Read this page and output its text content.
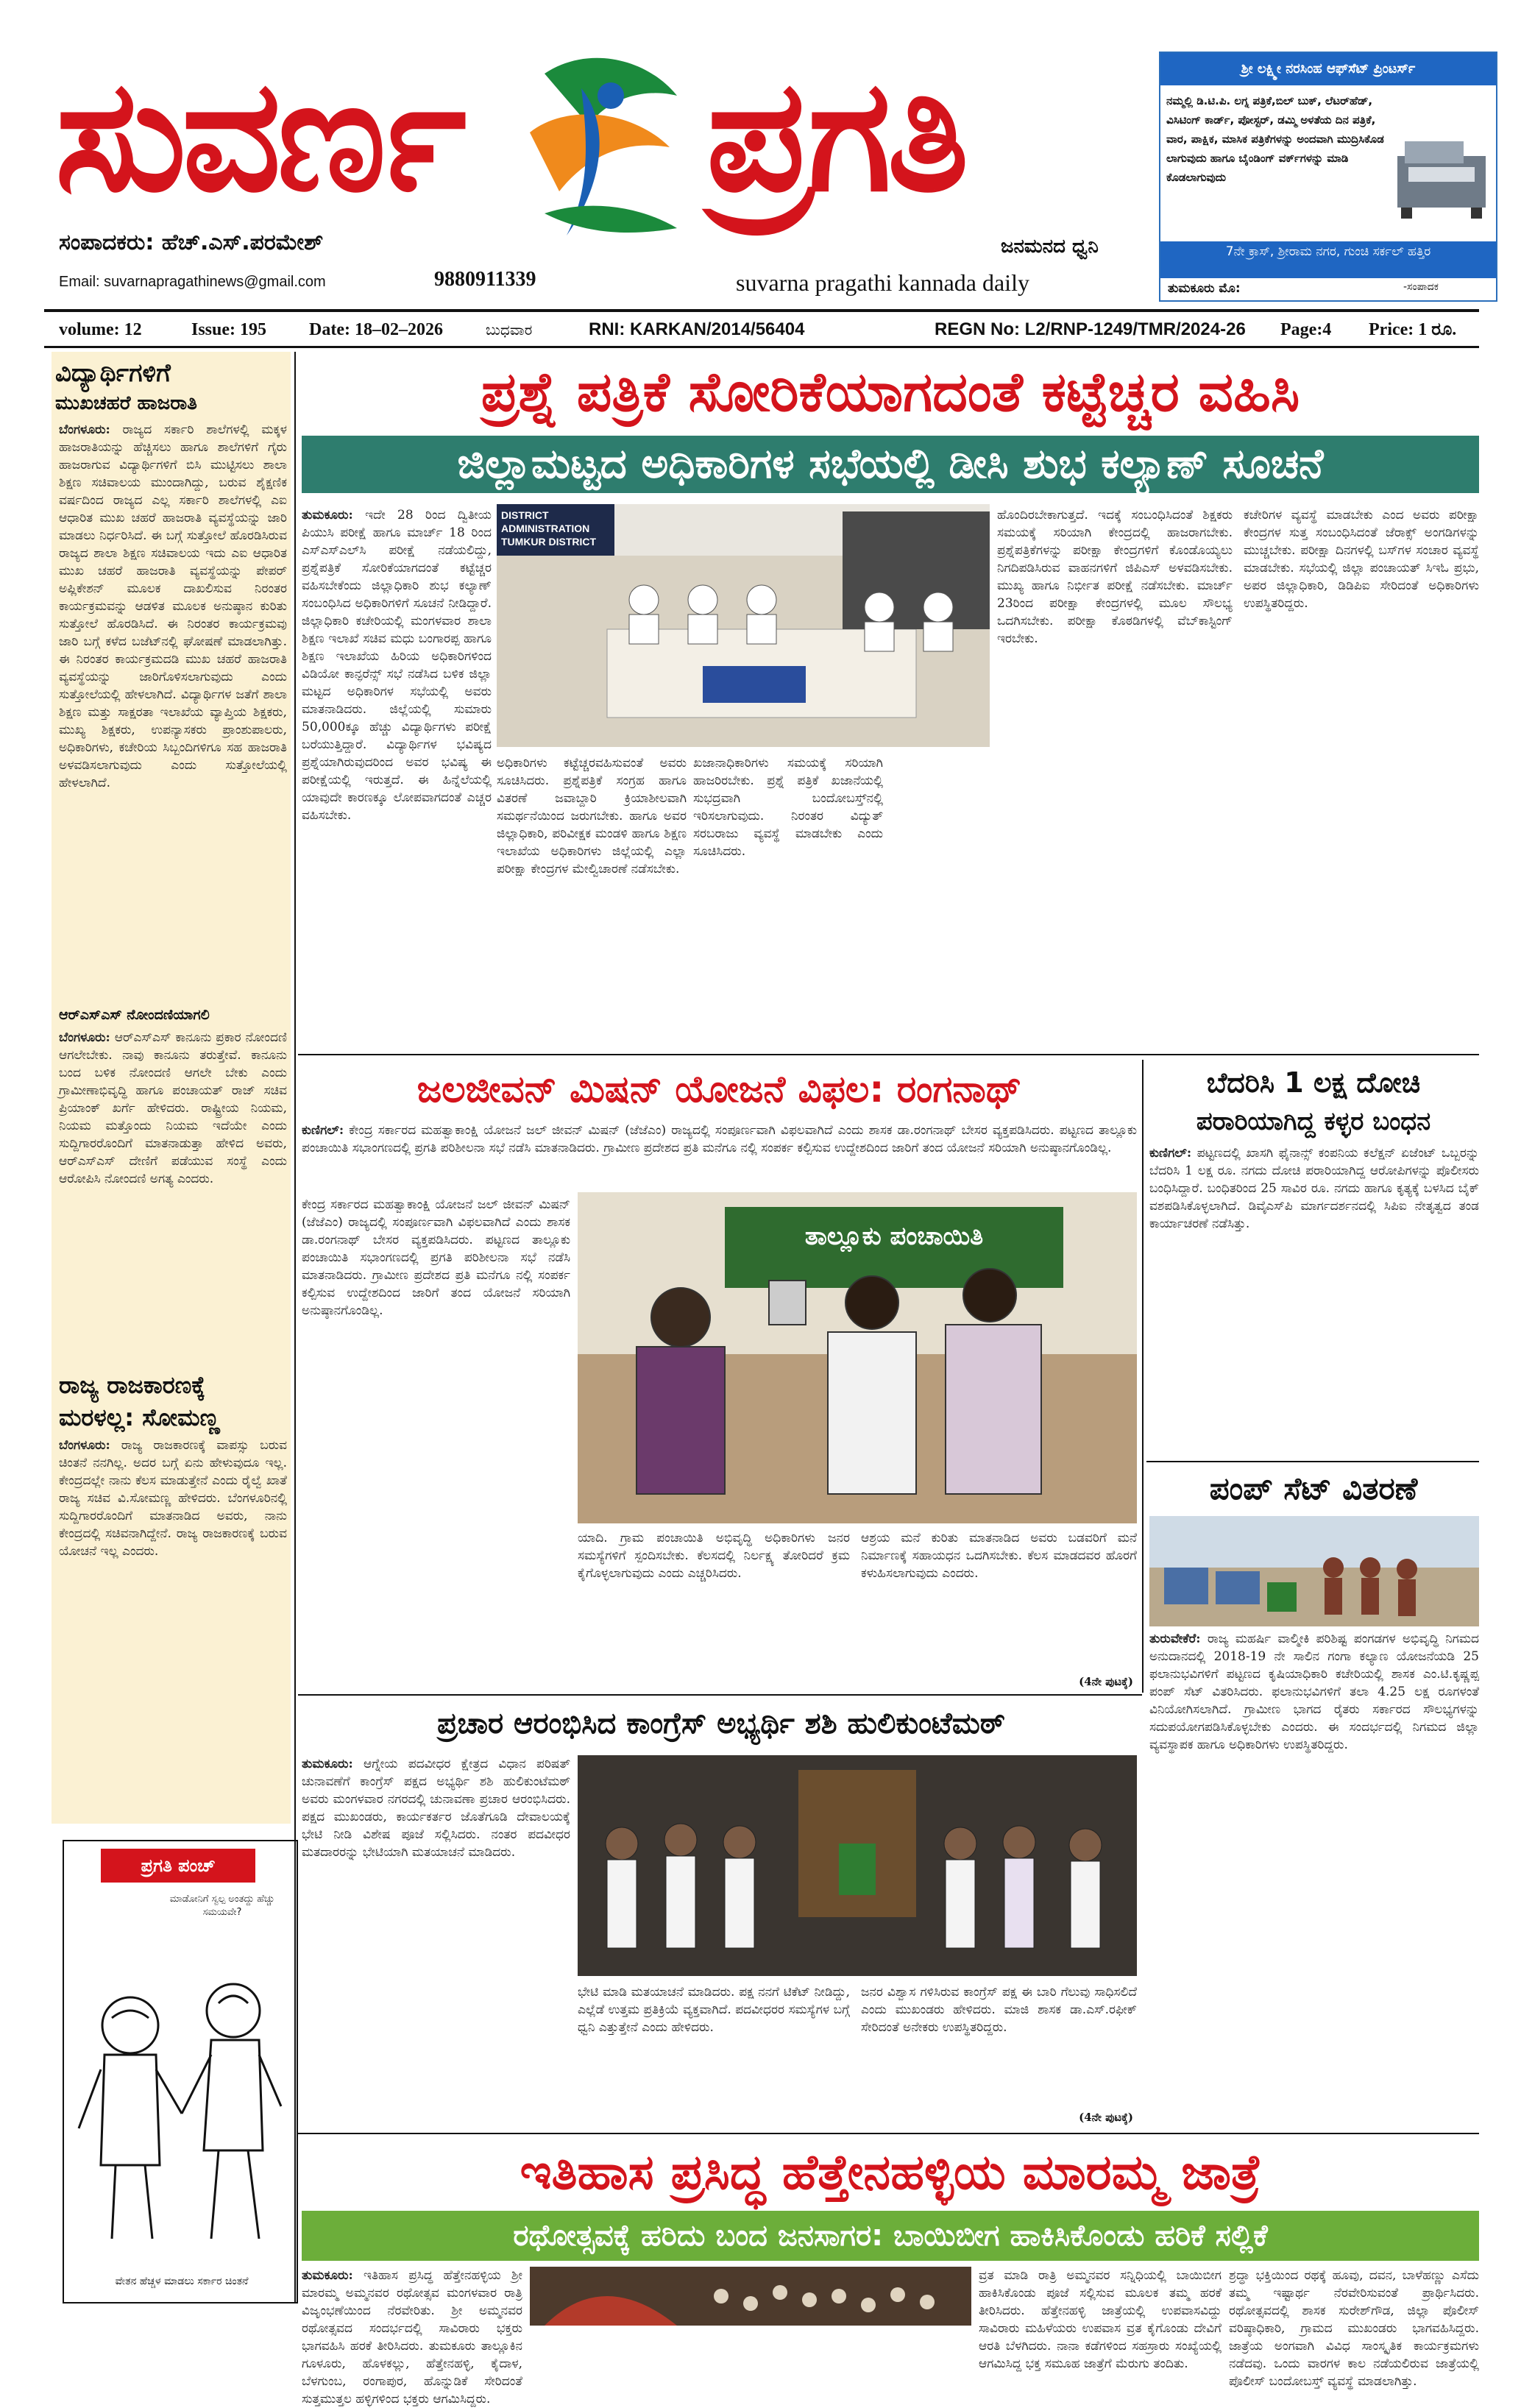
ಸುವರ್ಣ ಪ್ರಗತಿ
ಸಂಪಾದಕರು: ಹೆಚ್.ಎಸ್.ಪರಮೇಶ್
Email: suvarnapragathinews@gmail.com	9880911339
ಜನಮನದ ಧ್ವನಿ
suvarna pragathi kannada daily
ಶ್ರೀ ಲಕ್ಷ್ಮೀ ನರಸಿಂಹ ಆಫ್‌ಸೆಟ್ ಪ್ರಿಂಟರ್ಸ್
ನಮ್ಮಲ್ಲಿ ಡಿ.ಟಿ.ಪಿ. ಲಗ್ನ ಪತ್ರಿಕೆ,ಬಿಲ್ ಬುಕ್, ಲೆಟರ್‌ಹೆಡ್, ವಿಸಿಟಿಂಗ್ ಕಾರ್ಡ್, ಪೋಸ್ಟರ್, ಡಮ್ಮಿ ಅಳತೆಯ ದಿನ ಪತ್ರಿಕೆ, ವಾರ, ಪಾಕ್ಷಿಕ, ಮಾಸಿಕ ಪತ್ರಿಕೆಗಳನ್ನು ಅಂದವಾಗಿ ಮುದ್ರಿಸಿಕೊಡ ಲಾಗುವುದು ಹಾಗೂ ಬೈಂಡಿಂಗ್ ವರ್ಕ್‌ಗಳನ್ನು ಮಾಡಿ ಕೊಡಲಾಗುವುದು
7ನೇ ಕ್ರಾಸ್, ಶ್ರೀರಾಮ ನಗರ, ಗುಂಚಿ ಸರ್ಕಲ್ ಹತ್ತಿರ
ತುಮಕೂರು ಮೊ:	-ಸಂಪಾದಕ
volume: 12	Issue: 195 Date: 18–02–2026	ಬುಧವಾರ	RNI: KARKAN/2014/56404	REGN No: L2/RNP-1249/TMR/2024-26 Page:4 Price: 1 ರೂ.
ವಿದ್ಯಾರ್ಥಿಗಳಿಗೆ
ಮುಖಚಹರೆ ಹಾಜರಾತಿ
ಬೆಂಗಳೂರು: ರಾಜ್ಯದ ಸರ್ಕಾರಿ ಶಾಲೆಗಳಲ್ಲಿ ಮಕ್ಕಳ ಹಾಜರಾತಿಯನ್ನು ಹೆಚ್ಚಿಸಲು ಹಾಗೂ ಶಾಲೆಗಳಿಗೆ ಗೈರು ಹಾಜರಾಗುವ ವಿದ್ಯಾರ್ಥಿಗಳಿಗೆ ಬಿಸಿ ಮುಟ್ಟಿಸಲು ಶಾಲಾ ಶಿಕ್ಷಣ ಸಚಿವಾಲಯ ಮುಂದಾಗಿದ್ದು, ಬರುವ ಶೈಕ್ಷಣಿಕ ವರ್ಷದಿಂದ ರಾಜ್ಯದ ಎಲ್ಲ ಸರ್ಕಾರಿ ಶಾಲೆಗಳಲ್ಲಿ ಎಐ ಆಧಾರಿತ ಮುಖ ಚಹರೆ ಹಾಜರಾತಿ ವ್ಯವಸ್ಥೆಯನ್ನು ಜಾರಿ ಮಾಡಲು ನಿರ್ಧರಿಸಿದೆ. ಈ ಬಗ್ಗೆ ಸುತ್ತೋಲೆ ಹೊರಡಿಸಿರುವ ರಾಜ್ಯದ ಶಾಲಾ ಶಿಕ್ಷಣ ಸಚಿವಾಲಯ ಇದು ಎಐ ಆಧಾರಿತ ಮುಖ ಚಹರೆ ಹಾಜರಾತಿ ವ್ಯವಸ್ಥೆಯನ್ನು ಪೇಪರ್ ಅಪ್ಲಿಕೇಶನ್ ಮೂಲಕ ದಾಖಲಿಸುವ ನಿರಂತರ ಕಾರ್ಯಕ್ರಮವನ್ನು ಆಡಳಿತ ಮೂಲಕ ಅನುಷ್ಠಾನ ಕುರಿತು ಸುತ್ತೋಲೆ ಹೊರಡಿಸಿದೆ. ಈ ನಿರಂತರ ಕಾರ್ಯಕ್ರಮವು ಜಾರಿ ಬಗ್ಗೆ ಕಳೆದ ಬಜೆಟ್‌ನಲ್ಲಿ ಘೋಷಣೆ ಮಾಡಲಾಗಿತ್ತು. ಈ ನಿರಂತರ ಕಾರ್ಯಕ್ರಮದಡಿ ಮುಖ ಚಹರೆ ಹಾಜರಾತಿ ವ್ಯವಸ್ಥೆಯನ್ನು ಜಾರಿಗೊಳಿಸಲಾಗುವುದು ಎಂದು ಸುತ್ತೋಲೆಯಲ್ಲಿ ಹೇಳಲಾಗಿದೆ. ವಿದ್ಯಾರ್ಥಿಗಳ ಜತೆಗೆ ಶಾಲಾ ಶಿಕ್ಷಣ ಮತ್ತು ಸಾಕ್ಷರತಾ ಇಲಾಖೆಯ ವ್ಯಾಪ್ತಿಯ ಶಿಕ್ಷಕರು, ಮುಖ್ಯ ಶಿಕ್ಷಕರು, ಉಪನ್ಯಾಸಕರು ಪ್ರಾಂಶುಪಾಲರು, ಅಧಿಕಾರಿಗಳು, ಕಚೇರಿಯ ಸಿಬ್ಬಂದಿಗಳಿಗೂ ಸಹ ಹಾಜರಾತಿ ಅಳವಡಿಸಲಾಗುವುದು ಎಂದು ಸುತ್ತೋಲೆಯಲ್ಲಿ ಹೇಳಲಾಗಿದೆ.
ಆರ್‌ಎಸ್‌ಎಸ್ ನೋಂದಣಿಯಾಗಲಿ
ಬೆಂಗಳೂರು: ಆರ್‌ಎಸ್‌ಎಸ್ ಕಾನೂನು ಪ್ರಕಾರ ನೋಂದಣಿ ಆಗಲೇಬೇಕು. ನಾವು ಕಾನೂನು ತರುತ್ತೇವೆ. ಕಾನೂನು ಬಂದ ಬಳಿಕ ನೋಂದಣಿ ಆಗಲೇ ಬೇಕು ಎಂದು ಗ್ರಾಮೀಣಾಭಿವೃದ್ಧಿ ಹಾಗೂ ಪಂಚಾಯತ್ ರಾಜ್ ಸಚಿವ ಪ್ರಿಯಾಂಕ್ ಖರ್ಗೆ ಹೇಳಿದರು. ರಾಷ್ಟ್ರೀಯ ನಿಯಮ, ನಿಯಮ ಮತ್ತೊಂದು ನಿಯಮ ಇದೆಯೇ ಎಂದು ಸುದ್ದಿಗಾರರೊಂದಿಗೆ ಮಾತನಾಡುತ್ತಾ ಹೇಳಿದ ಅವರು, ಆರ್‌ಎಸ್‌ಎಸ್ ದೇಣಿಗೆ ಪಡೆಯುವ ಸಂಸ್ಥೆ ಎಂದು ಆರೋಪಿಸಿ ನೋಂದಣಿ ಅಗತ್ಯ ಎಂದರು.
ರಾಜ್ಯ ರಾಜಕಾರಣಕ್ಕೆ
ಮರಳಲ್ಲ: ಸೋಮಣ್ಣ
ಬೆಂಗಳೂರು: ರಾಜ್ಯ ರಾಜಕಾರಣಕ್ಕೆ ವಾಪಸ್ಸು ಬರುವ ಚಿಂತನೆ ನನಗಿಲ್ಲ. ಅದರ ಬಗ್ಗೆ ಏನು ಹೇಳುವುದೂ ಇಲ್ಲ. ಕೇಂದ್ರದಲ್ಲೇ ನಾನು ಕೆಲಸ ಮಾಡುತ್ತೇನೆ ಎಂದು ರೈಲ್ವೆ ಖಾತೆ ರಾಜ್ಯ ಸಚಿವ ವಿ.ಸೋಮಣ್ಣ ಹೇಳಿದರು. ಬೆಂಗಳೂರಿನಲ್ಲಿ ಸುದ್ದಿಗಾರರೊಂದಿಗೆ ಮಾತನಾಡಿದ ಅವರು, ನಾನು ಕೇಂದ್ರದಲ್ಲಿ ಸಚಿವನಾಗಿದ್ದೇನೆ. ರಾಜ್ಯ ರಾಜಕಾರಣಕ್ಕೆ ಬರುವ ಯೋಚನೆ ಇಲ್ಲ ಎಂದರು.
ಪ್ರಗತಿ ಪಂಚ್
ಮಾಡೋನಿಗೆ ಸ್ವಲ್ಪ ಅಂತದ್ದು ಹೆಚ್ಚು ಸಮಯವೇ?
ವೇತನ ಹೆಚ್ಚಳ ಮಾಡಲು ಸರ್ಕಾರ ಚಿಂತನೆ
ಪ್ರಶ್ನೆ ಪತ್ರಿಕೆ ಸೋರಿಕೆಯಾಗದಂತೆ ಕಟ್ಟೆಚ್ಚರ ವಹಿಸಿ
ಜಿಲ್ಲಾಮಟ್ಟದ ಅಧಿಕಾರಿಗಳ ಸಭೆಯಲ್ಲಿ ಡೀಸಿ ಶುಭ ಕಲ್ಯಾಣ್ ಸೂಚನೆ
DISTRICT ADMINISTRATION TUMKUR DISTRICT
ತುಮಕೂರು: ಇದೇ 28 ರಿಂದ ದ್ವಿತೀಯ ಪಿಯುಸಿ ಪರೀಕ್ಷೆ ಹಾಗೂ ಮಾರ್ಚ್ 18 ರಿಂದ ಎಸ್‌ಎಸ್‌ಎಲ್‌ಸಿ ಪರೀಕ್ಷೆ ನಡೆಯಲಿದ್ದು, ಪ್ರಶ್ನೆಪತ್ರಿಕೆ ಸೋರಿಕೆಯಾಗದಂತೆ ಕಟ್ಟೆಚ್ಚರ ವಹಿಸಬೇಕೆಂದು ಜಿಲ್ಲಾಧಿಕಾರಿ ಶುಭ ಕಲ್ಯಾಣ್ ಸಂಬಂಧಿಸಿದ ಅಧಿಕಾರಿಗಳಿಗೆ ಸೂಚನೆ ನೀಡಿದ್ದಾರೆ. ಜಿಲ್ಲಾಧಿಕಾರಿ ಕಚೇರಿಯಲ್ಲಿ ಮಂಗಳವಾರ ಶಾಲಾ ಶಿಕ್ಷಣ ಇಲಾಖೆ ಸಚಿವ ಮಧು ಬಂಗಾರಪ್ಪ ಹಾಗೂ ಶಿಕ್ಷಣ ಇಲಾಖೆಯ ಹಿರಿಯ ಅಧಿಕಾರಿಗಳಿಂದ ವಿಡಿಯೋ ಕಾನ್ಫರೆನ್ಸ್ ಸಭೆ ನಡೆಸಿದ ಬಳಿಕ ಜಿಲ್ಲಾ ಮಟ್ಟದ ಅಧಿಕಾರಿಗಳ ಸಭೆಯಲ್ಲಿ ಅವರು ಮಾತನಾಡಿದರು. ಜಿಲ್ಲೆಯಲ್ಲಿ ಸುಮಾರು 50,000ಕ್ಕೂ ಹೆಚ್ಚು ವಿದ್ಯಾರ್ಥಿಗಳು ಪರೀಕ್ಷೆ ಬರೆಯುತ್ತಿದ್ದಾರೆ. ವಿದ್ಯಾರ್ಥಿಗಳ ಭವಿಷ್ಯದ ಪ್ರಶ್ನೆಯಾಗಿರುವುದರಿಂದ ಅವರ ಭವಿಷ್ಯ ಈ ಪರೀಕ್ಷೆಯಲ್ಲಿ ಇರುತ್ತದೆ. ಈ ಹಿನ್ನೆಲೆಯಲ್ಲಿ ಯಾವುದೇ ಕಾರಣಕ್ಕೂ ಲೋಪವಾಗದಂತೆ ಎಚ್ಚರ ವಹಿಸಬೇಕು.
ಅಧಿಕಾರಿಗಳು ಕಟ್ಟೆಚ್ಚರವಹಿಸುವಂತೆ ಅವರು ಸೂಚಿಸಿದರು. ಪ್ರಶ್ನೆಪತ್ರಿಕೆ ಸಂಗ್ರಹ ಹಾಗೂ ವಿತರಣೆ ಜವಾಬ್ದಾರಿ ಕ್ರಿಯಾಶೀಲವಾಗಿ ಸಮರ್ಥನೆಯಿಂದ ಜರುಗಬೇಕು. ಹಾಗೂ ಅವರ ಜಿಲ್ಲಾಧಿಕಾರಿ, ಪರಿವೀಕ್ಷಕ ಮಂಡಳಿ ಹಾಗೂ ಶಿಕ್ಷಣ ಇಲಾಖೆಯ ಅಧಿಕಾರಿಗಳು ಜಿಲ್ಲೆಯಲ್ಲಿ ಎಲ್ಲಾ ಪರೀಕ್ಷಾ ಕೇಂದ್ರಗಳ ಮೇಲ್ವಿಚಾರಣೆ ನಡೆಸಬೇಕು.
ಖಜಾನಾಧಿಕಾರಿಗಳು ಸಮಯಕ್ಕೆ ಸರಿಯಾಗಿ ಹಾಜರಿರಬೇಕು. ಪ್ರಶ್ನೆ ಪತ್ರಿಕೆ ಖಜಾನೆಯಲ್ಲಿ ಸುಭದ್ರವಾಗಿ ಬಂದೋಬಸ್ತ್‌ನಲ್ಲಿ ಇರಿಸಲಾಗುವುದು. ನಿರಂತರ ವಿದ್ಯುತ್ ಸರಬರಾಜು ವ್ಯವಸ್ಥೆ ಮಾಡಬೇಕು ಎಂದು ಸೂಚಿಸಿದರು.
ಹೊಂದಿರಬೇಕಾಗುತ್ತದೆ. ಇದಕ್ಕೆ ಸಂಬಂಧಿಸಿದಂತೆ ಶಿಕ್ಷಕರು ಸಮಯಕ್ಕೆ ಸರಿಯಾಗಿ ಕೇಂದ್ರದಲ್ಲಿ ಹಾಜರಾಗಬೇಕು. ಪ್ರಶ್ನೆಪತ್ರಿಕೆಗಳನ್ನು ಪರೀಕ್ಷಾ ಕೇಂದ್ರಗಳಿಗೆ ಕೊಂಡೊಯ್ಯಲು ನಿಗದಿಪಡಿಸಿರುವ ವಾಹನಗಳಿಗೆ ಜಿಪಿಎಸ್ ಅಳವಡಿಸಬೇಕು. ಮುಖ್ಯ ಹಾಗೂ ನಿರ್ಭೀತ ಪರೀಕ್ಷೆ ನಡೆಸಬೇಕು. ಮಾರ್ಚ್ 23ರಿಂದ ಪರೀಕ್ಷಾ ಕೇಂದ್ರಗಳಲ್ಲಿ ಮೂಲ ಸೌಲಭ್ಯ ಒದಗಿಸಬೇಕು. ಪರೀಕ್ಷಾ ಕೊಠಡಿಗಳಲ್ಲಿ ವೆಬ್‌ಕಾಸ್ಟಿಂಗ್ ಇರಬೇಕು.
ಕಚೇರಿಗಳ ವ್ಯವಸ್ಥೆ ಮಾಡಬೇಕು ಎಂದ ಅವರು ಪರೀಕ್ಷಾ ಕೇಂದ್ರಗಳ ಸುತ್ತ ಸಂಬಂಧಿಸಿದಂತೆ ಜೆರಾಕ್ಸ್ ಅಂಗಡಿಗಳನ್ನು ಮುಚ್ಚಬೇಕು. ಪರೀಕ್ಷಾ ದಿನಗಳಲ್ಲಿ ಬಸ್‌ಗಳ ಸಂಚಾರ ವ್ಯವಸ್ಥೆ ಮಾಡಬೇಕು. ಸಭೆಯಲ್ಲಿ ಜಿಲ್ಲಾ ಪಂಚಾಯತ್ ಸಿಇಓ ಪ್ರಭು, ಅಪರ ಜಿಲ್ಲಾಧಿಕಾರಿ, ಡಿಡಿಪಿಐ ಸೇರಿದಂತೆ ಅಧಿಕಾರಿಗಳು ಉಪಸ್ಥಿತರಿದ್ದರು.
ಜಲಜೀವನ್ ಮಿಷನ್ ಯೋಜನೆ ವಿಫಲ: ರಂಗನಾಥ್
ಕುಣಿಗಲ್: ಕೇಂದ್ರ ಸರ್ಕಾರದ ಮಹತ್ವಾಕಾಂಕ್ಷಿ ಯೋಜನೆ ಜಲ್ ಜೀವನ್ ಮಿಷನ್ (ಜೆಜೆಎಂ) ರಾಜ್ಯದಲ್ಲಿ ಸಂಪೂರ್ಣವಾಗಿ ವಿಫಲವಾಗಿದೆ ಎಂದು ಶಾಸಕ ಡಾ.ರಂಗನಾಥ್ ಬೇಸರ ವ್ಯಕ್ತಪಡಿಸಿದರು. ಪಟ್ಟಣದ ತಾಲ್ಲೂಕು ಪಂಚಾಯಿತಿ ಸಭಾಂಗಣದಲ್ಲಿ ಪ್ರಗತಿ ಪರಿಶೀಲನಾ ಸಭೆ ನಡೆಸಿ ಮಾತನಾಡಿದರು. ಗ್ರಾಮೀಣ ಪ್ರದೇಶದ ಪ್ರತಿ ಮನೆಗೂ ನಲ್ಲಿ ಸಂಪರ್ಕ ಕಲ್ಪಿಸುವ ಉದ್ದೇಶದಿಂದ ಜಾರಿಗೆ ತಂದ ಯೋಜನೆ ಸರಿಯಾಗಿ ಅನುಷ್ಠಾನಗೊಂಡಿಲ್ಲ.
ತಾಲ್ಲೂಕು ಪಂಚಾಯಿತಿ
ಕೇಂದ್ರ ಸರ್ಕಾರದ ಮಹತ್ವಾಕಾಂಕ್ಷಿ ಯೋಜನೆ ಜಲ್ ಜೀವನ್ ಮಿಷನ್ (ಜೆಜೆಎಂ) ರಾಜ್ಯದಲ್ಲಿ ಸಂಪೂರ್ಣವಾಗಿ ವಿಫಲವಾಗಿದೆ ಎಂದು ಶಾಸಕ ಡಾ.ರಂಗನಾಥ್ ಬೇಸರ ವ್ಯಕ್ತಪಡಿಸಿದರು. ಪಟ್ಟಣದ ತಾಲ್ಲೂಕು ಪಂಚಾಯಿತಿ ಸಭಾಂಗಣದಲ್ಲಿ ಪ್ರಗತಿ ಪರಿಶೀಲನಾ ಸಭೆ ನಡೆಸಿ ಮಾತನಾಡಿದರು. ಗ್ರಾಮೀಣ ಪ್ರದೇಶದ ಪ್ರತಿ ಮನೆಗೂ ನಲ್ಲಿ ಸಂಪರ್ಕ ಕಲ್ಪಿಸುವ ಉದ್ದೇಶದಿಂದ ಜಾರಿಗೆ ತಂದ ಯೋಜನೆ ಸರಿಯಾಗಿ ಅನುಷ್ಠಾನಗೊಂಡಿಲ್ಲ.
ಯಾದಿ. ಗ್ರಾಮ ಪಂಚಾಯಿತಿ ಅಭಿವೃದ್ಧಿ ಅಧಿಕಾರಿಗಳು ಜನರ ಸಮಸ್ಯೆಗಳಿಗೆ ಸ್ಪಂದಿಸಬೇಕು. ಕೆಲಸದಲ್ಲಿ ನಿರ್ಲಕ್ಷ್ಯ ತೋರಿದರೆ ಕ್ರಮ ಕೈಗೊಳ್ಳಲಾಗುವುದು ಎಂದು ಎಚ್ಚರಿಸಿದರು.
ಆಶ್ರಯ ಮನೆ ಕುರಿತು ಮಾತನಾಡಿದ ಅವರು ಬಡವರಿಗೆ ಮನೆ ನಿರ್ಮಾಣಕ್ಕೆ ಸಹಾಯಧನ ಒದಗಿಸಬೇಕು. ಕೆಲಸ ಮಾಡದವರ ಹೊರಗೆ ಕಳುಹಿಸಲಾಗುವುದು ಎಂದರು.
(4ನೇ ಪುಟಕ್ಕೆ)
ಬೆದರಿಸಿ 1 ಲಕ್ಷ ದೋಚಿ
ಪರಾರಿಯಾಗಿದ್ದ ಕಳ್ಳರ ಬಂಧನ
ಕುಣಿಗಲ್: ಪಟ್ಟಣದಲ್ಲಿ ಖಾಸಗಿ ಫೈನಾನ್ಸ್ ಕಂಪನಿಯ ಕಲೆಕ್ಷನ್ ಏಜೆಂಟ್ ಒಬ್ಬರನ್ನು ಬೆದರಿಸಿ 1 ಲಕ್ಷ ರೂ. ನಗದು ದೋಚಿ ಪರಾರಿಯಾಗಿದ್ದ ಆರೋಪಿಗಳನ್ನು ಪೊಲೀಸರು ಬಂಧಿಸಿದ್ದಾರೆ. ಬಂಧಿತರಿಂದ 25 ಸಾವಿರ ರೂ. ನಗದು ಹಾಗೂ ಕೃತ್ಯಕ್ಕೆ ಬಳಸಿದ ಬೈಕ್ ವಶಪಡಿಸಿಕೊಳ್ಳಲಾಗಿದೆ. ಡಿವೈಎಸ್‌ಪಿ ಮಾರ್ಗದರ್ಶನದಲ್ಲಿ ಸಿಪಿಐ ನೇತೃತ್ವದ ತಂಡ ಕಾರ್ಯಾಚರಣೆ ನಡೆಸಿತ್ತು.
ಪಂಪ್ ಸೆಟ್ ವಿತರಣೆ
ತುರುವೇಕೆರೆ: ರಾಜ್ಯ ಮಹರ್ಷಿ ವಾಲ್ಮೀಕಿ ಪರಿಶಿಷ್ಟ ಪಂಗಡಗಳ ಅಭಿವೃದ್ಧಿ ನಿಗಮದ ಅನುದಾನದಲ್ಲಿ 2018-19 ನೇ ಸಾಲಿನ ಗಂಗಾ ಕಲ್ಯಾಣ ಯೋಜನೆಯಡಿ 25 ಫಲಾನುಭವಿಗಳಿಗೆ ಪಟ್ಟಣದ ಕೃಷಿಯಾಧಿಕಾರಿ ಕಚೇರಿಯಲ್ಲಿ ಶಾಸಕ ಎಂ.ಟಿ.ಕೃಷ್ಣಪ್ಪ ಪಂಪ್ ಸೆಟ್ ವಿತರಿಸಿದರು. ಫಲಾನುಭವಿಗಳಿಗೆ ತಲಾ 4.25 ಲಕ್ಷ ರೂಗಳಂತೆ ವಿನಿಯೋಗಿಸಲಾಗಿದೆ. ಗ್ರಾಮೀಣ ಭಾಗದ ರೈತರು ಸರ್ಕಾರದ ಸೌಲಭ್ಯಗಳನ್ನು ಸದುಪಯೋಗಪಡಿಸಿಕೊಳ್ಳಬೇಕು ಎಂದರು. ಈ ಸಂದರ್ಭದಲ್ಲಿ ನಿಗಮದ ಜಿಲ್ಲಾ ವ್ಯವಸ್ಥಾಪಕ ಹಾಗೂ ಅಧಿಕಾರಿಗಳು ಉಪಸ್ಥಿತರಿದ್ದರು.
ಪ್ರಚಾರ ಆರಂಭಿಸಿದ ಕಾಂಗ್ರೆಸ್ ಅಭ್ಯರ್ಥಿ ಶಶಿ ಹುಲಿಕುಂಟೆಮಠ್
ತುಮಕೂರು: ಆಗ್ನೇಯ ಪದವೀಧರ ಕ್ಷೇತ್ರದ ವಿಧಾನ ಪರಿಷತ್ ಚುನಾವಣೆಗೆ ಕಾಂಗ್ರೆಸ್ ಪಕ್ಷದ ಅಭ್ಯರ್ಥಿ ಶಶಿ ಹುಲಿಕುಂಟೆಮಠ್ ಅವರು ಮಂಗಳವಾರ ನಗರದಲ್ಲಿ ಚುನಾವಣಾ ಪ್ರಚಾರ ಆರಂಭಿಸಿದರು. ಪಕ್ಷದ ಮುಖಂಡರು, ಕಾರ್ಯಕರ್ತರ ಜೊತೆಗೂಡಿ ದೇವಾಲಯಕ್ಕೆ ಭೇಟಿ ನೀಡಿ ವಿಶೇಷ ಪೂಜೆ ಸಲ್ಲಿಸಿದರು. ನಂತರ ಪದವೀಧರ ಮತದಾರರನ್ನು ಭೇಟಿಯಾಗಿ ಮತಯಾಚನೆ ಮಾಡಿದರು.
ಭೇಟಿ ಮಾಡಿ ಮತಯಾಚನೆ ಮಾಡಿದರು. ಪಕ್ಷ ನನಗೆ ಟಿಕೆಟ್ ನೀಡಿದ್ದು, ಎಲ್ಲೆಡೆ ಉತ್ತಮ ಪ್ರತಿಕ್ರಿಯೆ ವ್ಯಕ್ತವಾಗಿದೆ. ಪದವೀಧರರ ಸಮಸ್ಯೆಗಳ ಬಗ್ಗೆ ಧ್ವನಿ ಎತ್ತುತ್ತೇನೆ ಎಂದು ಹೇಳಿದರು.
ಜನರ ವಿಶ್ವಾಸ ಗಳಿಸಿರುವ ಕಾಂಗ್ರೆಸ್ ಪಕ್ಷ ಈ ಬಾರಿ ಗೆಲುವು ಸಾಧಿಸಲಿದೆ ಎಂದು ಮುಖಂಡರು ಹೇಳಿದರು. ಮಾಜಿ ಶಾಸಕ ಡಾ.ಎಸ್.ರಫೀಕ್ ಸೇರಿದಂತೆ ಅನೇಕರು ಉಪಸ್ಥಿತರಿದ್ದರು.
(4ನೇ ಪುಟಕ್ಕೆ)
ಇತಿಹಾಸ ಪ್ರಸಿದ್ಧ ಹೆತ್ತೇನಹಳ್ಳಿಯ ಮಾರಮ್ಮ ಜಾತ್ರೆ
ರಥೋತ್ಸವಕ್ಕೆ ಹರಿದು ಬಂದ ಜನಸಾಗರ: ಬಾಯಿಬೀಗ ಹಾಕಿಸಿಕೊಂಡು ಹರಿಕೆ ಸಲ್ಲಿಕೆ
ತುಮಕೂರು: ಇತಿಹಾಸ ಪ್ರಸಿದ್ಧ ಹೆತ್ತೇನಹಳ್ಳಿಯ ಶ್ರೀ ಮಾರಮ್ಮ ಅಮ್ಮನವರ ರಥೋತ್ಸವ ಮಂಗಳವಾರ ರಾತ್ರಿ ವಿಜೃಂಭಣೆಯಿಂದ ನೆರವೇರಿತು. ಶ್ರೀ ಅಮ್ಮನವರ ರಥೋತ್ಸವದ ಸಂದರ್ಭದಲ್ಲಿ ಸಾವಿರಾರು ಭಕ್ತರು ಭಾಗವಹಿಸಿ ಹರಕೆ ತೀರಿಸಿದರು. ತುಮಕೂರು ತಾಲ್ಲೂಕಿನ ಗೂಳೂರು, ಹೊಳಕಲ್ಲು, ಹೆತ್ತೇನಹಳ್ಳಿ, ಕೈದಾಳ, ಬೆಳಗುಂಬ, ರಂಗಾಪುರ, ಹೊನ್ನುಡಿಕೆ ಸೇರಿದಂತೆ ಸುತ್ತಮುತ್ತಲ ಹಳ್ಳಿಗಳಿಂದ ಭಕ್ತರು ಆಗಮಿಸಿದ್ದರು.
ವ್ರತ ಮಾಡಿ ರಾತ್ರಿ ಅಮ್ಮನವರ ಸನ್ನಿಧಿಯಲ್ಲಿ ಬಾಯಿಬೀಗ ಹಾಕಿಸಿಕೊಂಡು ಪೂಜೆ ಸಲ್ಲಿಸುವ ಮೂಲಕ ತಮ್ಮ ಹರಕೆ ತೀರಿಸಿದರು. ಹೆತ್ತೇನಹಳ್ಳಿ ಜಾತ್ರೆಯಲ್ಲಿ ಉಪವಾಸವಿದ್ದು ಸಾವಿರಾರು ಮಹಿಳೆಯರು ಉಪವಾಸ ವ್ರತ ಕೈಗೊಂಡು ದೇವಿಗೆ ಆರತಿ ಬೆಳಗಿದರು. ನಾನಾ ಕಡೆಗಳಿಂದ ಸಹಸ್ರಾರು ಸಂಖ್ಯೆಯಲ್ಲಿ ಆಗಮಿಸಿದ್ದ ಭಕ್ತ ಸಮೂಹ ಜಾತ್ರೆಗೆ ಮೆರುಗು ತಂದಿತು.
ಶ್ರದ್ಧಾ ಭಕ್ತಿಯಿಂದ ರಥಕ್ಕೆ ಹೂವು, ದವನ, ಬಾಳೆಹಣ್ಣು ಎಸೆದು ತಮ್ಮ ಇಷ್ಟಾರ್ಥ ನೆರವೇರಿಸುವಂತೆ ಪ್ರಾರ್ಥಿಸಿದರು. ರಥೋತ್ಸವದಲ್ಲಿ ಶಾಸಕ ಸುರೇಶ್‌ಗೌಡ, ಜಿಲ್ಲಾ ಪೊಲೀಸ್ ವರಿಷ್ಠಾಧಿಕಾರಿ, ಗ್ರಾಮದ ಮುಖಂಡರು ಭಾಗವಹಿಸಿದ್ದರು. ಜಾತ್ರೆಯ ಅಂಗವಾಗಿ ವಿವಿಧ ಸಾಂಸ್ಕೃತಿಕ ಕಾರ್ಯಕ್ರಮಗಳು ನಡೆದವು. ಒಂದು ವಾರಗಳ ಕಾಲ ನಡೆಯಲಿರುವ ಜಾತ್ರೆಯಲ್ಲಿ ಪೊಲೀಸ್ ಬಂದೋಬಸ್ತ್ ವ್ಯವಸ್ಥೆ ಮಾಡಲಾಗಿತ್ತು.
